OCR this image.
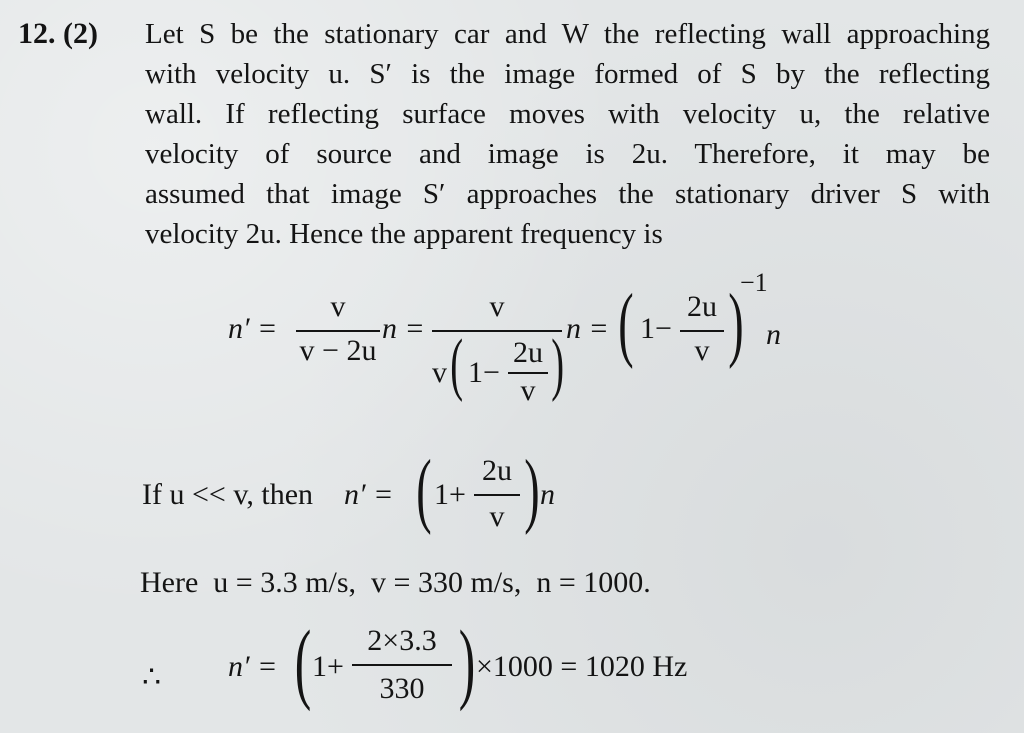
12. (2) Let S be the stationary car and W the reflecting wall approaching
with velocity u. S′ is the image formed of S by the reflecting
wall. If reflecting surface moves with velocity u, the relative
velocity of source and image is 2u. Therefore, it may be
assumed that image S′ approaches the stationary driver S with
velocity 2u. Hence the apparent frequency is
n′ =
v
v − 2u
n =
v
v ( 1−
2u
v ) n = ( 1−
2u
v )
−1
n
If u << v, then n′ = ( 1+
2u
v ) n
Here  u = 3.3 m/s,  v = 330 m/s,  n = 1000.
∴ n′ = ( 1+
2×3.3
330 ) ×1000 = 1020 Hz
